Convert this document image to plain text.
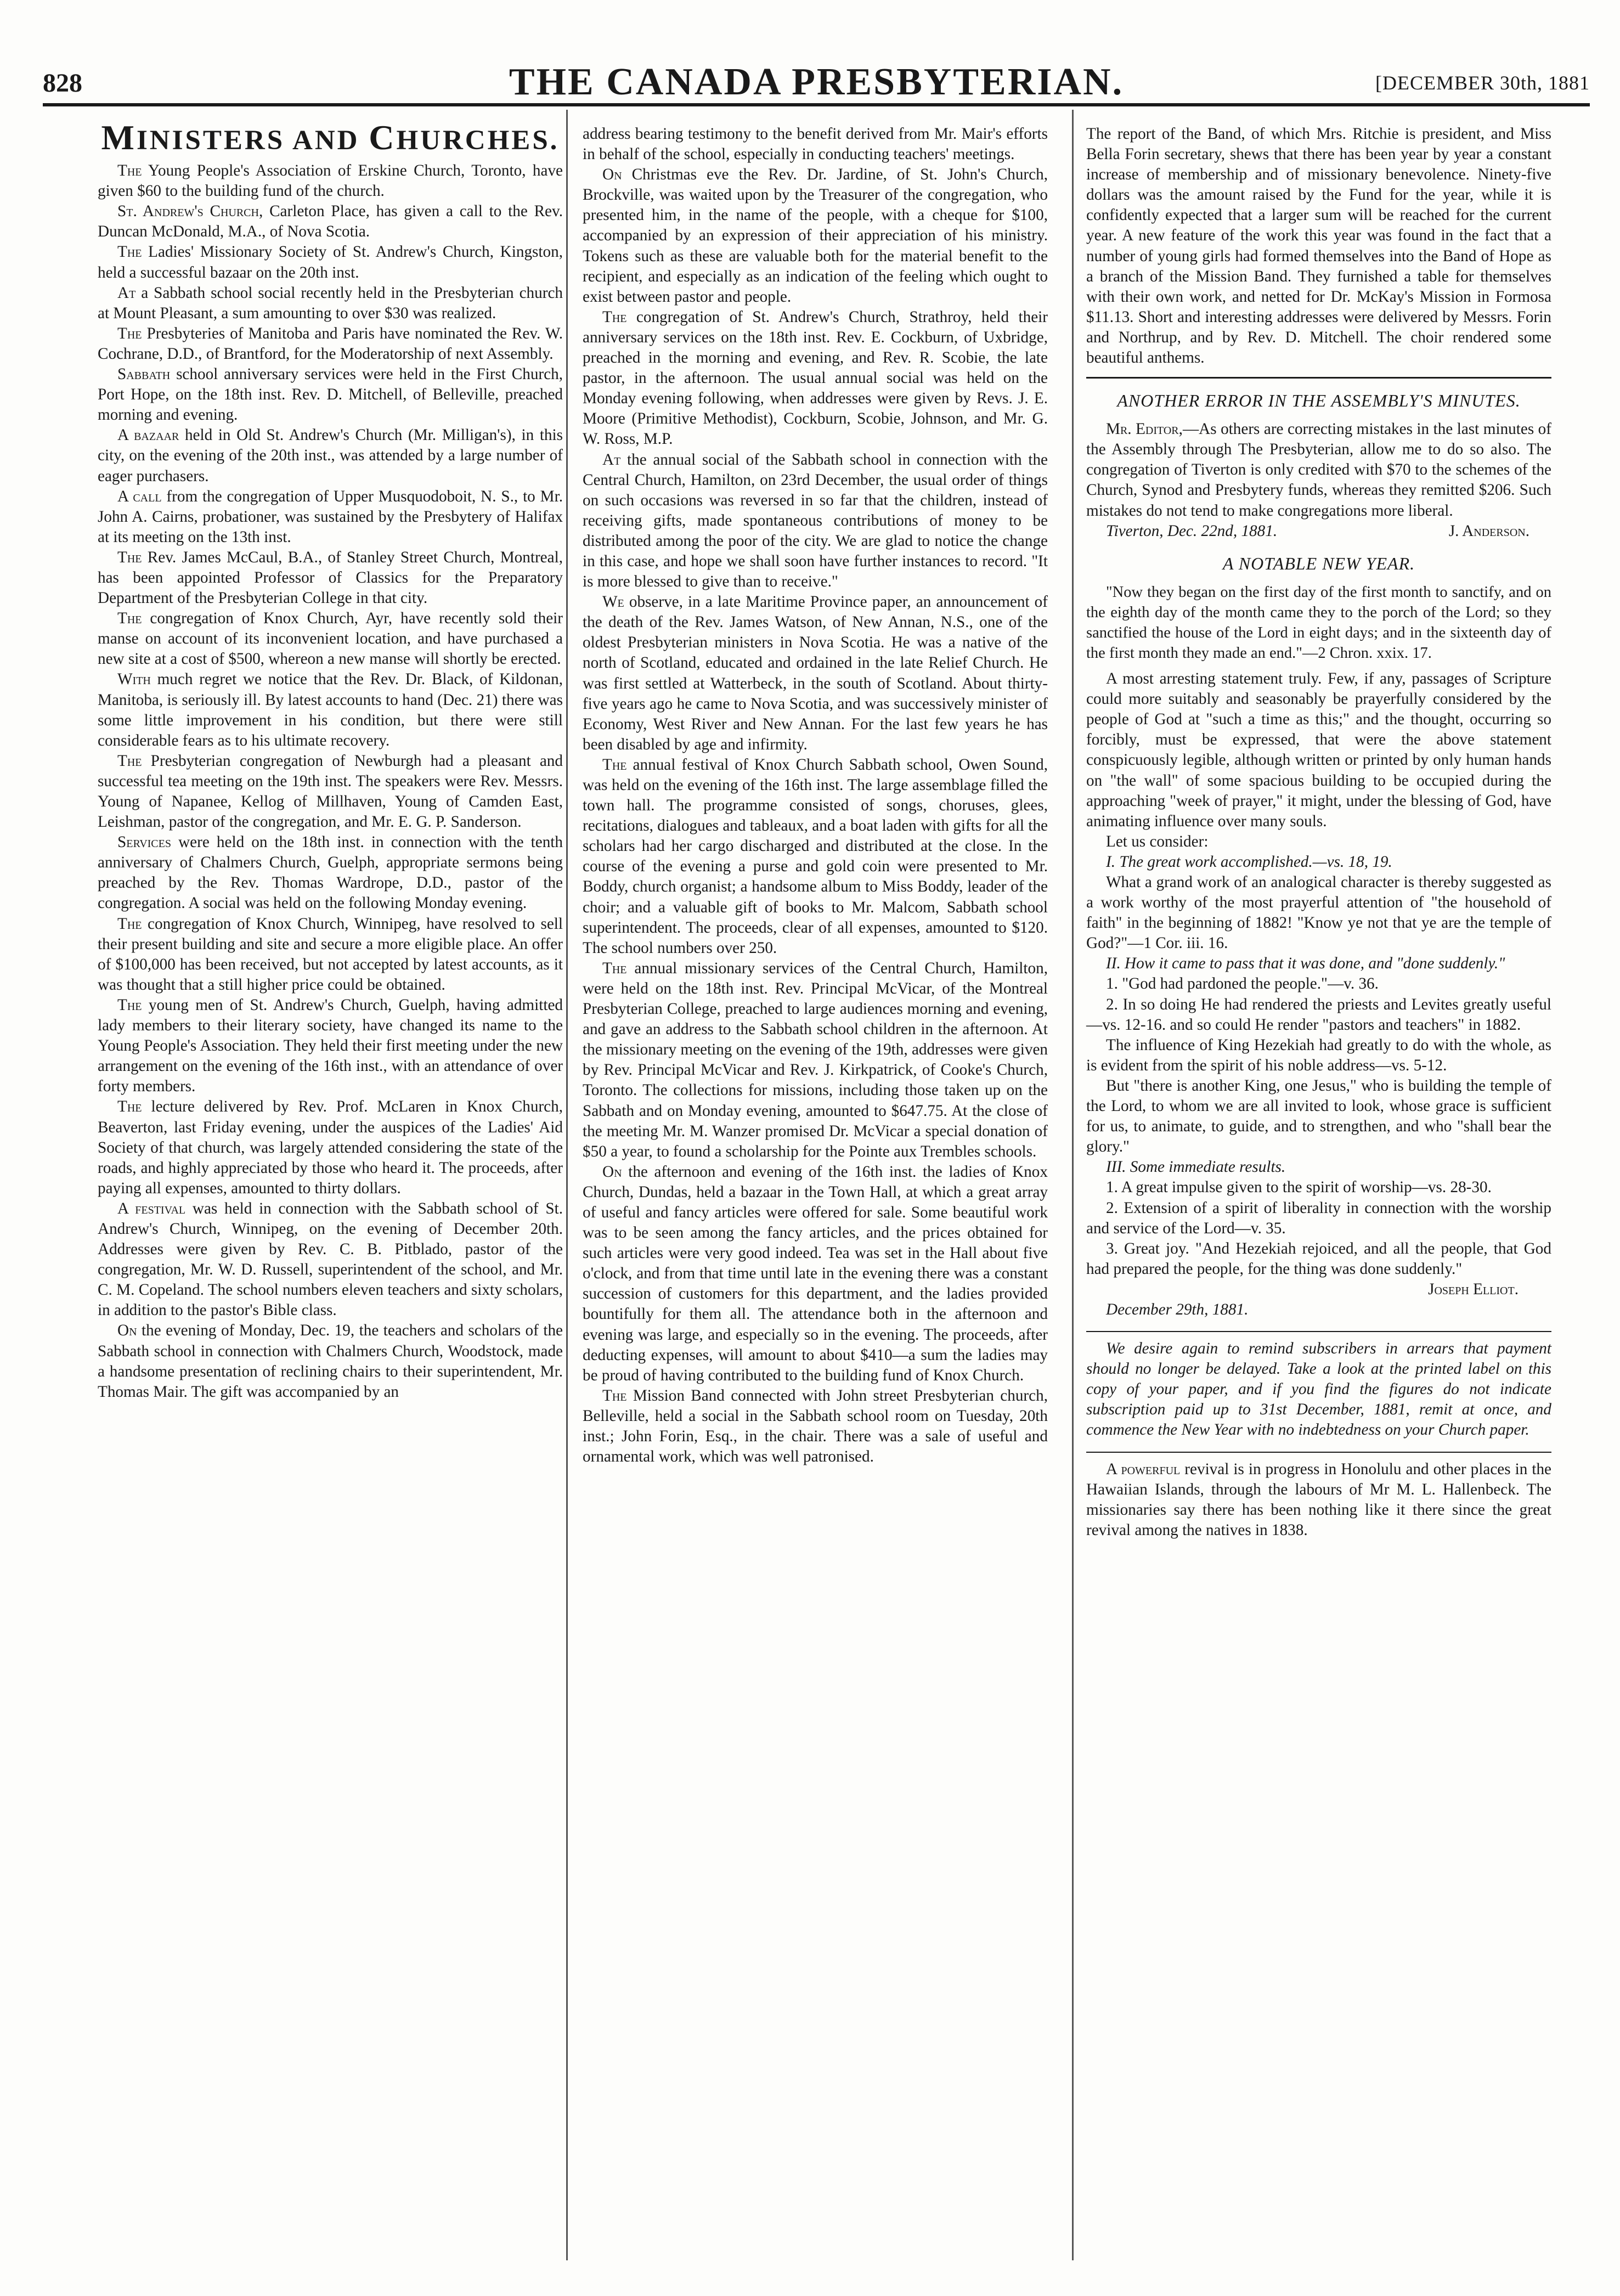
828	THE CANADA PRESBYTERIAN.	[DECEMBER 30th, 1881
MINISTERS AND CHURCHES.

The Young People's Association of Erskine Church, Toronto, have given $60 to the building fund of the church.

St. Andrew's Church, Carleton Place, has given a call to the Rev. Duncan McDonald, M.A., of Nova Scotia.

The Ladies' Missionary Society of St. Andrew's Church, Kingston, held a successful bazaar on the 20th inst.

At a Sabbath school social recently held in the Presbyterian church at Mount Pleasant, a sum amounting to over $30 was realized.

The Presbyteries of Manitoba and Paris have nominated the Rev. W. Cochrane, D.D., of Brantford, for the Moderatorship of next Assembly.

Sabbath school anniversary services were held in the First Church, Port Hope, on the 18th inst. Rev. D. Mitchell, of Belleville, preached morning and evening.

A bazaar held in Old St. Andrew's Church (Mr. Milligan's), in this city, on the evening of the 20th inst., was attended by a large number of eager purchasers.

A call from the congregation of Upper Musquodoboit, N. S., to Mr. John A. Cairns, probationer, was sustained by the Presbytery of Halifax at its meeting on the 13th inst.

The Rev. James McCaul, B.A., of Stanley Street Church, Montreal, has been appointed Professor of Classics for the Preparatory Department of the Presbyterian College in that city.

The congregation of Knox Church, Ayr, have recently sold their manse on account of its inconvenient location, and have purchased a new site at a cost of $500, whereon a new manse will shortly be erected.

With much regret we notice that the Rev. Dr. Black, of Kildonan, Manitoba, is seriously ill. By latest accounts to hand (Dec. 21) there was some little improvement in his condition, but there were still considerable fears as to his ultimate recovery.

The Presbyterian congregation of Newburgh had a pleasant and successful tea meeting on the 19th inst. The speakers were Rev. Messrs. Young of Napanee, Kellog of Millhaven, Young of Camden East, Leishman, pastor of the congregation, and Mr. E. G. P. Sanderson.

Services were held on the 18th inst. in connection with the tenth anniversary of Chalmers Church, Guelph, appropriate sermons being preached by the Rev. Thomas Wardrope, D.D., pastor of the congregation. A social was held on the following Monday evening.

The congregation of Knox Church, Winnipeg, have resolved to sell their present building and site and secure a more eligible place. An offer of $100,000 has been received, but not accepted by latest accounts, as it was thought that a still higher price could be obtained.

The young men of St. Andrew's Church, Guelph, having admitted lady members to their literary society, have changed its name to the Young People's Association. They held their first meeting under the new arrangement on the evening of the 16th inst., with an attendance of over forty members.

The lecture delivered by Rev. Prof. McLaren in Knox Church, Beaverton, last Friday evening, under the auspices of the Ladies' Aid Society of that church, was largely attended considering the state of the roads, and highly appreciated by those who heard it. The proceeds, after paying all expenses, amounted to thirty dollars.

A festival was held in connection with the Sabbath school of St. Andrew's Church, Winnipeg, on the evening of December 20th. Addresses were given by Rev. C. B. Pitblado, pastor of the congregation, Mr. W. D. Russell, superintendent of the school, and Mr. C. M. Copeland. The school numbers eleven teachers and sixty scholars, in addition to the pastor's Bible class.

On the evening of Monday, Dec. 19, the teachers and scholars of the Sabbath school in connection with Chalmers Church, Woodstock, made a handsome presentation of reclining chairs to their superintendent, Mr. Thomas Mair. The gift was accompanied by an

address bearing testimony to the benefit derived from Mr. Mair's efforts in behalf of the school, especially in conducting teachers' meetings.

On Christmas eve the Rev. Dr. Jardine, of St. John's Church, Brockville, was waited upon by the Treasurer of the congregation, who presented him, in the name of the people, with a cheque for $100, accompanied by an expression of their appreciation of his ministry. Tokens such as these are valuable both for the material benefit to the recipient, and especially as an indication of the feeling which ought to exist between pastor and people.

The congregation of St. Andrew's Church, Strathroy, held their anniversary services on the 18th inst. Rev. E. Cockburn, of Uxbridge, preached in the morning and evening, and Rev. R. Scobie, the late pastor, in the afternoon. The usual annual social was held on the Monday evening following, when addresses were given by Revs. J. E. Moore (Primitive Methodist), Cockburn, Scobie, Johnson, and Mr. G. W. Ross, M.P.

At the annual social of the Sabbath school in connection with the Central Church, Hamilton, on 23rd December, the usual order of things on such occasions was reversed in so far that the children, instead of receiving gifts, made spontaneous contributions of money to be distributed among the poor of the city. We are glad to notice the change in this case, and hope we shall soon have further instances to record. "It is more blessed to give than to receive."

We observe, in a late Maritime Province paper, an announcement of the death of the Rev. James Watson, of New Annan, N.S., one of the oldest Presbyterian ministers in Nova Scotia. He was a native of the north of Scotland, educated and ordained in the late Relief Church. He was first settled at Watterbeck, in the south of Scotland. About thirty-five years ago he came to Nova Scotia, and was successively minister of Economy, West River and New Annan. For the last few years he has been disabled by age and infirmity.

The annual festival of Knox Church Sabbath school, Owen Sound, was held on the evening of the 16th inst. The large assemblage filled the town hall. The programme consisted of songs, choruses, glees, recitations, dialogues and tableaux, and a boat laden with gifts for all the scholars had her cargo discharged and distributed at the close. In the course of the evening a purse and gold coin were presented to Mr. Boddy, church organist; a handsome album to Miss Boddy, leader of the choir; and a valuable gift of books to Mr. Malcom, Sabbath school superintendent. The proceeds, clear of all expenses, amounted to $120. The school numbers over 250.

The annual missionary services of the Central Church, Hamilton, were held on the 18th inst. Rev. Principal McVicar, of the Montreal Presbyterian College, preached to large audiences morning and evening, and gave an address to the Sabbath school children in the afternoon. At the missionary meeting on the evening of the 19th, addresses were given by Rev. Principal McVicar and Rev. J. Kirkpatrick, of Cooke's Church, Toronto. The collections for missions, including those taken up on the Sabbath and on Monday evening, amounted to $647.75. At the close of the meeting Mr. M. Wanzer promised Dr. McVicar a special donation of $50 a year, to found a scholarship for the Pointe aux Trembles schools.

On the afternoon and evening of the 16th inst. the ladies of Knox Church, Dundas, held a bazaar in the Town Hall, at which a great array of useful and fancy articles were offered for sale. Some beautiful work was to be seen among the fancy articles, and the prices obtained for such articles were very good indeed. Tea was set in the Hall about five o'clock, and from that time until late in the evening there was a constant succession of customers for this department, and the ladies provided bountifully for them all. The attendance both in the afternoon and evening was large, and especially so in the evening. The proceeds, after deducting expenses, will amount to about $410—a sum the ladies may be proud of having contributed to the building fund of Knox Church.

The Mission Band connected with John street Presbyterian church, Belleville, held a social in the Sabbath school room on Tuesday, 20th inst.; John Forin, Esq., in the chair. There was a sale of useful and ornamental work, which was well patronised.

The report of the Band, of which Mrs. Ritchie is president, and Miss Bella Forin secretary, shews that there has been year by year a constant increase of membership and of missionary benevolence. Ninety-five dollars was the amount raised by the Fund for the year, while it is confidently expected that a larger sum will be reached for the current year. A new feature of the work this year was found in the fact that a number of young girls had formed themselves into the Band of Hope as a branch of the Mission Band. They furnished a table for themselves with their own work, and netted for Dr. McKay's Mission in Formosa $11.13. Short and interesting addresses were delivered by Messrs. Forin and Northrup, and by Rev. D. Mitchell. The choir rendered some beautiful anthems.

ANOTHER ERROR IN THE ASSEMBLY'S MINUTES.

Mr. Editor,—As others are correcting mistakes in the last minutes of the Assembly through The Presbyterian, allow me to do so also. The congregation of Tiverton is only credited with $70 to the schemes of the Church, Synod and Presbytery funds, whereas they remitted $206. Such mistakes do not tend to make congregations more liberal.

Tiverton, Dec. 22nd, 1881.	J. Anderson.
A NOTABLE NEW YEAR.

"Now they began on the first day of the first month to sanctify, and on the eighth day of the month came they to the porch of the Lord; so they sanctified the house of the Lord in eight days; and in the sixteenth day of the first month they made an end."—2 Chron. xxix. 17.

A most arresting statement truly. Few, if any, passages of Scripture could more suitably and seasonably be prayerfully considered by the people of God at "such a time as this;" and the thought, occurring so forcibly, must be expressed, that were the above statement conspicuously legible, although written or printed by only human hands on "the wall" of some spacious building to be occupied during the approaching "week of prayer," it might, under the blessing of God, have animating influence over many souls.

Let us consider:

I. The great work accomplished.—vs. 18, 19.

What a grand work of an analogical character is thereby suggested as a work worthy of the most prayerful attention of "the household of faith" in the beginning of 1882! "Know ye not that ye are the temple of God?"—1 Cor. iii. 16.

II. How it came to pass that it was done, and "done suddenly."

1. "God had pardoned the people."—v. 36.

2. In so doing He had rendered the priests and Levites greatly useful—vs. 12-16. and so could He render "pastors and teachers" in 1882.

The influence of King Hezekiah had greatly to do with the whole, as is evident from the spirit of his noble address—vs. 5-12.

But "there is another King, one Jesus," who is building the temple of the Lord, to whom we are all invited to look, whose grace is sufficient for us, to animate, to guide, and to strengthen, and who "shall bear the glory."

III. Some immediate results.

1. A great impulse given to the spirit of worship—vs. 28-30.

2. Extension of a spirit of liberality in connection with the worship and service of the Lord—v. 35.

3. Great joy. "And Hezekiah rejoiced, and all the people, that God had prepared the people, for the thing was done suddenly."

Joseph Elliot.
December 29th, 1881.

We desire again to remind subscribers in arrears that payment should no longer be delayed. Take a look at the printed label on this copy of your paper, and if you find the figures do not indicate subscription paid up to 31st December, 1881, remit at once, and commence the New Year with no indebtedness on your Church paper.

A powerful revival is in progress in Honolulu and other places in the Hawaiian Islands, through the labours of Mr M. L. Hallenbeck. The missionaries say there has been nothing like it there since the great revival among the natives in 1838.
